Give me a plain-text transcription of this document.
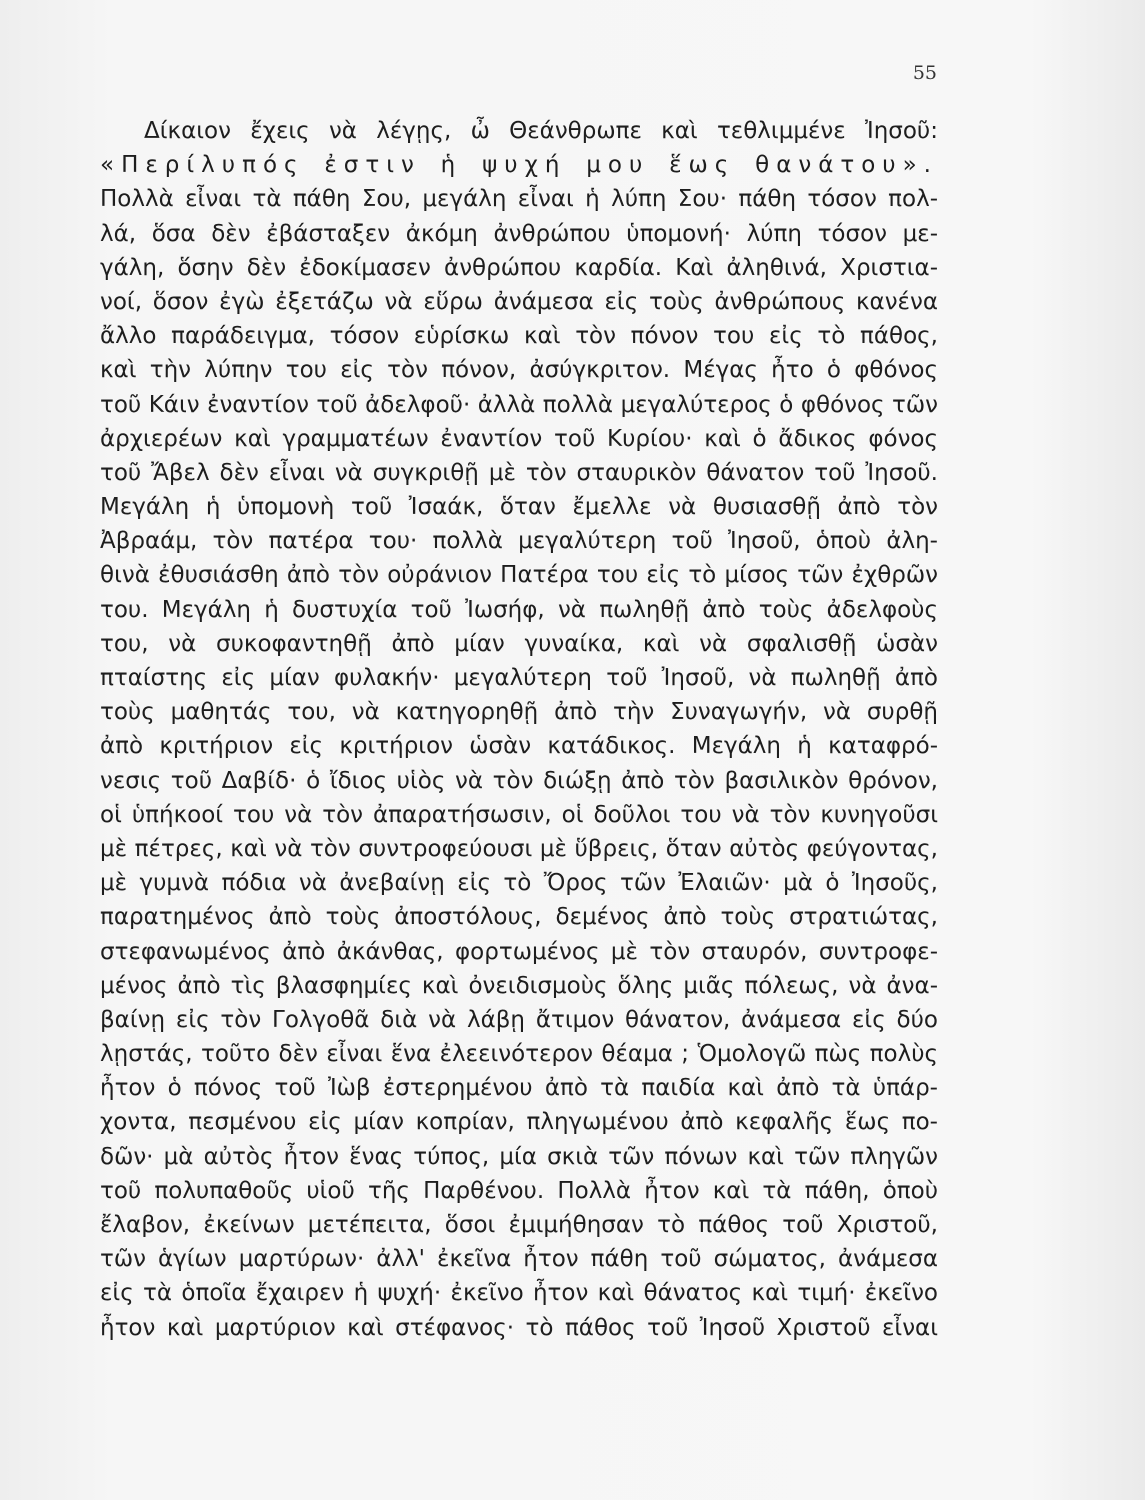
55
Δίκαιον ἔχεις νὰ λέγῃς, ὦ Θεάνθρωπε καὶ τεθλιμμένε Ἰησοῦ:
«Περίλυπός ἐστιν ἡ ψυχή μου ἕως θανάτου».
Πολλὰ εἶναι τὰ πάθη Σου, μεγάλη εἶναι ἡ λύπη Σου· πάθη τόσον πολ-
λά, ὅσα δὲν ἐβάσταξεν ἀκόμη ἀνθρώπου ὑπομονή· λύπη τόσον με-
γάλη, ὅσην δὲν ἐδοκίμασεν ἀνθρώπου καρδία. Καὶ ἀληθινά, Χριστια-
νοί, ὅσον ἐγὼ ἐξετάζω νὰ εὕρω ἀνάμεσα εἰς τοὺς ἀνθρώπους κανένα
ἄλλο παράδειγμα, τόσον εὑρίσκω καὶ τὸν πόνον του εἰς τὸ πάθος,
καὶ τὴν λύπην του εἰς τὸν πόνον, ἀσύγκριτον. Μέγας ἦτο ὁ φθόνος
τοῦ Κάιν ἐναντίον τοῦ ἀδελφοῦ· ἀλλὰ πολλὰ μεγαλύτερος ὁ φθόνος τῶν
ἀρχιερέων καὶ γραμματέων ἐναντίον τοῦ Κυρίου· καὶ ὁ ἄδικος φόνος
τοῦ Ἄβελ δὲν εἶναι νὰ συγκριθῇ μὲ τὸν σταυρικὸν θάνατον τοῦ Ἰησοῦ.
Μεγάλη ἡ ὑπομονὴ τοῦ Ἰσαάκ, ὅταν ἔμελλε νὰ θυσιασθῇ ἀπὸ τὸν
Ἀβραάμ, τὸν πατέρα του· πολλὰ μεγαλύτερη τοῦ Ἰησοῦ, ὁποὺ ἀλη-
θινὰ ἐθυσιάσθη ἀπὸ τὸν οὐράνιον Πατέρα του εἰς τὸ μίσος τῶν ἐχθρῶν
του. Μεγάλη ἡ δυστυχία τοῦ Ἰωσήφ, νὰ πωληθῇ ἀπὸ τοὺς ἀδελφοὺς
του, νὰ συκοφαντηθῇ ἀπὸ μίαν γυναίκα, καὶ νὰ σφαλισθῇ ὡσὰν
πταίστης εἰς μίαν φυλακήν· μεγαλύτερη τοῦ Ἰησοῦ, νὰ πωληθῇ ἀπὸ
τοὺς μαθητάς του, νὰ κατηγορηθῇ ἀπὸ τὴν Συναγωγήν, νὰ συρθῇ
ἀπὸ κριτήριον εἰς κριτήριον ὡσὰν κατάδικος. Μεγάλη ἡ καταφρό-
νεσις τοῦ Δαβίδ· ὁ ἴδιος υἱὸς νὰ τὸν διώξῃ ἀπὸ τὸν βασιλικὸν θρόνον,
οἱ ὑπήκοοί του νὰ τὸν ἀπαρατήσωσιν, οἱ δοῦλοι του νὰ τὸν κυνηγοῦσι
μὲ πέτρες, καὶ νὰ τὸν συντροφεύουσι μὲ ὕβρεις, ὅταν αὐτὸς φεύγοντας,
μὲ γυμνὰ πόδια νὰ ἀνεβαίνῃ εἰς τὸ Ὄρος τῶν Ἐλαιῶν· μὰ ὁ Ἰησοῦς,
παρατημένος ἀπὸ τοὺς ἀποστόλους, δεμένος ἀπὸ τοὺς στρατιώτας,
στεφανωμένος ἀπὸ ἀκάνθας, φορτωμένος μὲ τὸν σταυρόν, συντροφε-
μένος ἀπὸ τὶς βλασφημίες καὶ ὀνειδισμοὺς ὅλης μιᾶς πόλεως, νὰ ἀνα-
βαίνῃ εἰς τὸν Γολγοθᾶ διὰ νὰ λάβῃ ἄτιμον θάνατον, ἀνάμεσα εἰς δύο
λῃστάς, τοῦτο δὲν εἶναι ἕνα ἐλεεινότερον θέαμα ; Ὁμολογῶ πὼς πολὺς
ἦτον ὁ πόνος τοῦ Ἰὼβ ἐστερημένου ἀπὸ τὰ παιδία καὶ ἀπὸ τὰ ὑπάρ-
χοντα, πεσμένου εἰς μίαν κοπρίαν, πληγωμένου ἀπὸ κεφαλῆς ἕως πο-
δῶν· μὰ αὐτὸς ἦτον ἕνας τύπος, μία σκιὰ τῶν πόνων καὶ τῶν πληγῶν
τοῦ πολυπαθοῦς υἱοῦ τῆς Παρθένου. Πολλὰ ἦτον καὶ τὰ πάθη, ὁποὺ
ἔλαβον, ἐκείνων μετέπειτα, ὅσοι ἐμιμήθησαν τὸ πάθος τοῦ Χριστοῦ,
τῶν ἁγίων μαρτύρων· ἀλλ' ἐκεῖνα ἦτον πάθη τοῦ σώματος, ἀνάμεσα
εἰς τὰ ὁποῖα ἔχαιρεν ἡ ψυχή· ἐκεῖνο ἦτον καὶ θάνατος καὶ τιμή· ἐκεῖνο
ἦτον καὶ μαρτύριον καὶ στέφανος· τὸ πάθος τοῦ Ἰησοῦ Χριστοῦ εἶναι
